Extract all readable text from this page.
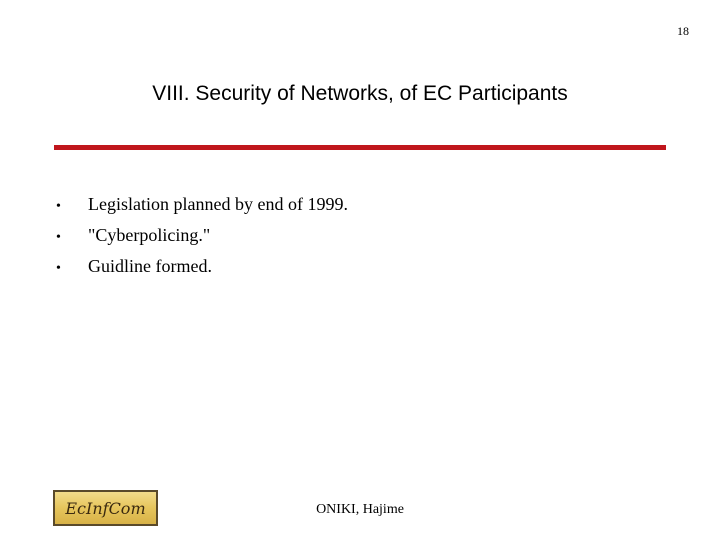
18
VIII. Security of Networks, of EC Participants
•	Legislation planned by end of 1999.
•	"Cyberpolicing."
•	Guidline formed.
EcInfCom	ONIKI, Hajime
